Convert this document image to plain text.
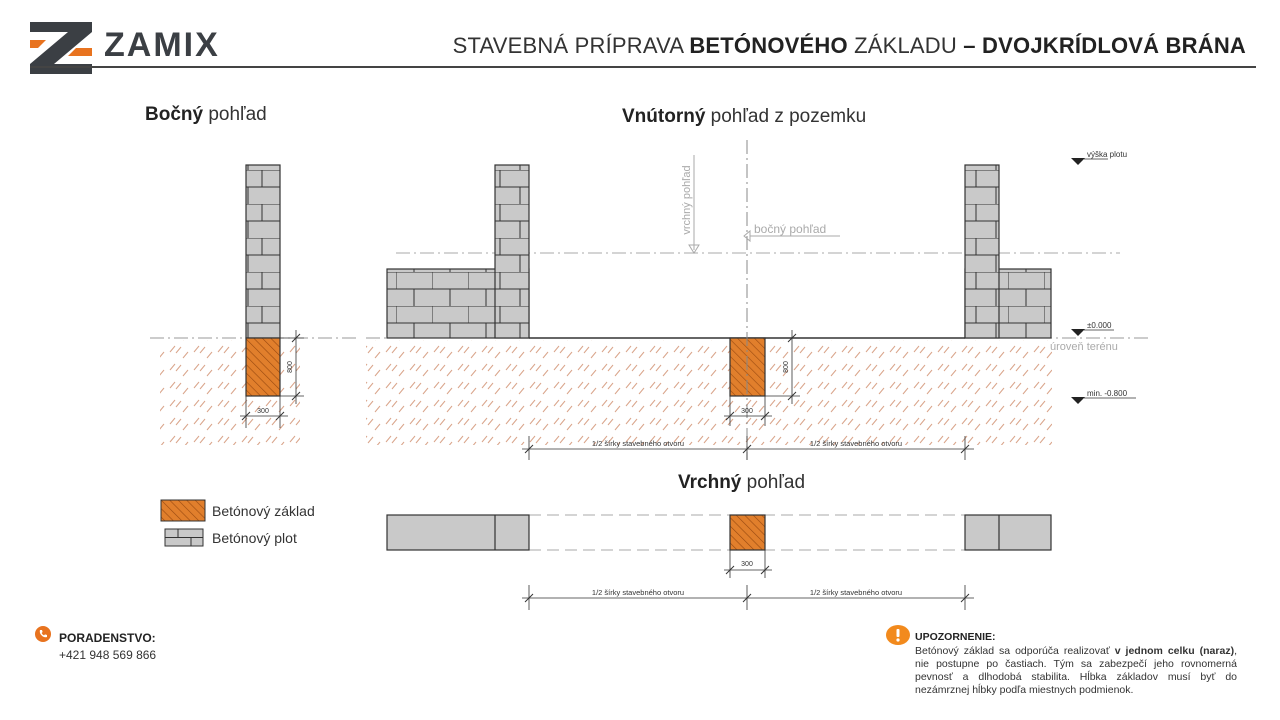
ZAMIX	STAVEBNÁ PRÍPRAVA BETÓNOVÉHO ZÁKLADU – DVOJKRÍDLOVÁ BRÁNA
Bočný pohľad	Vnútorný pohľad z pozemku
Vrchný pohľad
800
300
vrchný pohľad	bočný pohľad
800
300
1/2 šírky stavebného otvoru	1/2 šírky stavebného otvoru
výška plotu
±0.000
úroveň terénu
min. -0.800
300
1/2 šírky stavebného otvoru	1/2 šírky stavebného otvoru
Betónový základ
Betónový plot
PORADENSTVO:
+421 948 569 866
UPOZORNENIE:
Betónový základ sa odporúča realizovať v jednom celku (naraz), nie postupne po častiach. Tým sa zabezpečí jeho rovnomerná pevnosť a dlhodobá stabilita. Hĺbka základov musí byť do nezámrznej hĺbky podľa miestnych podmienok.
